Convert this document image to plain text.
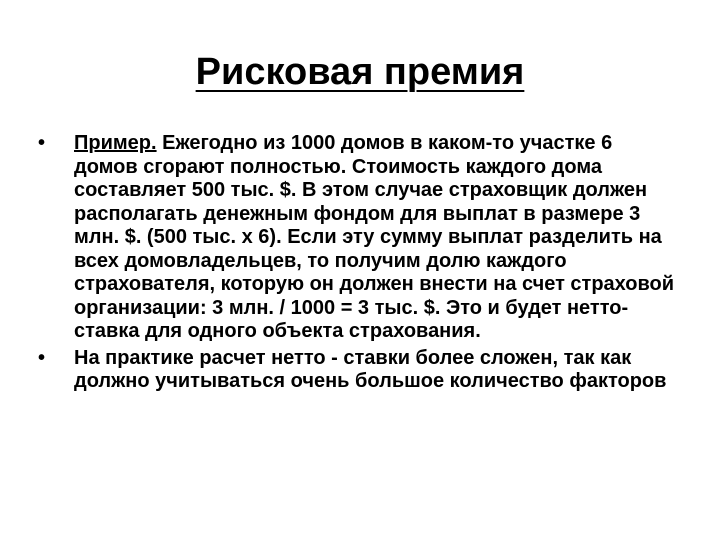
Рисковая премия
• Пример. Ежегодно из 1000 домов в каком-то участке 6 домов сгорают полностью. Стоимость каждого дома составляет 500 тыс. $. В этом случае страховщик должен располагать денежным фондом для выплат в размере 3 млн. $. (500 тыс. х 6). Если эту сумму выплат разделить на всех домовладельцев, то получим долю каждого страхователя, которую он должен внести на счет страховой организации: 3 млн. / 1000 = 3 тыс. $. Это и будет нетто-ставка для одного объекта страхования.
• На практике расчет нетто - ставки более сложен, так как должно учитываться очень большое количество факторов
